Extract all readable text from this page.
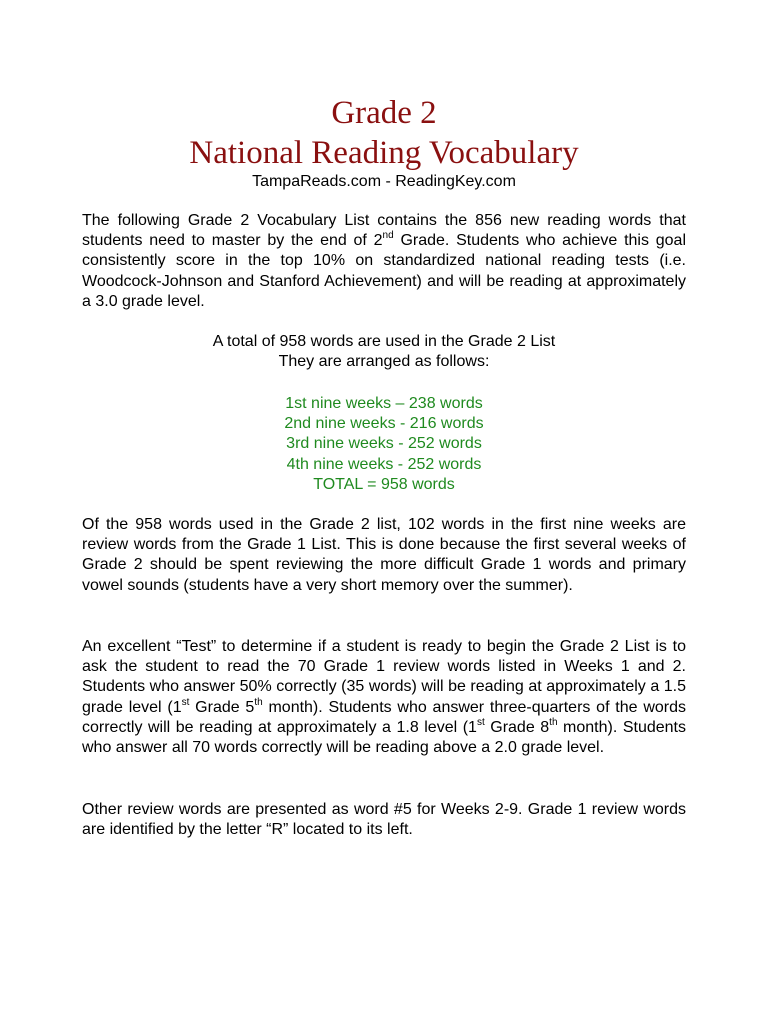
Grade 2
National Reading Vocabulary
TampaReads.com - ReadingKey.com

The following Grade 2 Vocabulary List contains the 856 new reading words that students need to master by the end of 2nd Grade. Students who achieve this goal consistently score in the top 10% on standardized national reading tests (i.e. Woodcock-Johnson and Stanford Achievement) and will be reading at approximately a 3.0 grade level.

A total of 958 words are used in the Grade 2 List
They are arranged as follows:
1st nine weeks – 238 words
2nd nine weeks - 216 words
3rd nine weeks - 252 words
4th nine weeks - 252 words
TOTAL = 958 words

Of the 958 words used in the Grade 2 list, 102 words in the first nine weeks are review words from the Grade 1 List. This is done because the first several weeks of Grade 2 should be spent reviewing the more difficult Grade 1 words and primary vowel sounds (students have a very short memory over the summer).

An excellent “Test” to determine if a student is ready to begin the Grade 2 List is to ask the student to read the 70 Grade 1 review words listed in Weeks 1 and 2. Students who answer 50% correctly (35 words) will be reading at approximately a 1.5 grade level (1st Grade 5th month). Students who answer three-quarters of the words correctly will be reading at approximately a 1.8 level (1st Grade 8th month). Students who answer all 70 words correctly will be reading above a 2.0 grade level.

Other review words are presented as word #5 for Weeks 2-9. Grade 1 review words are identified by the letter “R” located to its left.
